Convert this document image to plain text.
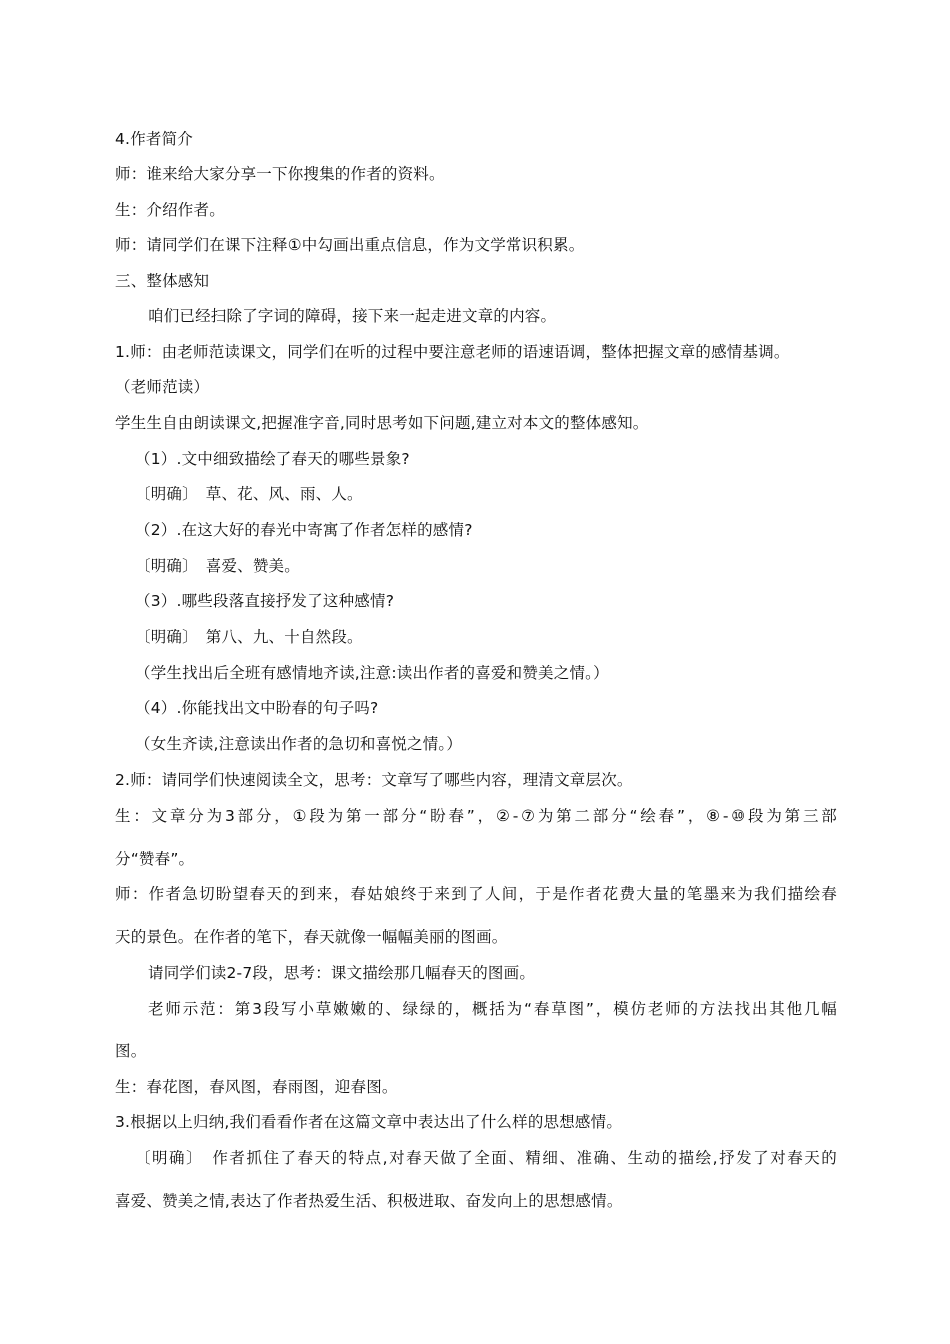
4.作者简介
师：谁来给大家分享一下你搜集的作者的资料。
生：介绍作者。
师：请同学们在课下注释①中勾画出重点信息，作为文学常识积累。
三、整体感知
咱们已经扫除了字词的障碍，接下来一起走进文章的内容。
1.师：由老师范读课文，同学们在听的过程中要注意老师的语速语调，整体把握文章的感情基调。
（老师范读）
学生生自由朗读课文,把握准字音,同时思考如下问题,建立对本文的整体感知。
（1）.文中细致描绘了春天的哪些景象?
〔明确〕　草、花、风、雨、人。
（2）.在这大好的春光中寄寓了作者怎样的感情?
〔明确〕　喜爱、赞美。
（3）.哪些段落直接抒发了这种感情?
〔明确〕　第八、九、十自然段。
（学生找出后全班有感情地齐读,注意:读出作者的喜爱和赞美之情。）
（4）.你能找出文中盼春的句子吗?
（女生齐读,注意读出作者的急切和喜悦之情。）
2.师：请同学们快速阅读全文，思考：文章写了哪些内容，理清文章层次。
生：文章分为3部分，①段为第一部分“盼春”，②-⑦为第二部分“绘春”，⑧-⑩段为第三部
分“赞春”。
师：作者急切盼望春天的到来，春姑娘终于来到了人间，于是作者花费大量的笔墨来为我们描绘春
天的景色。在作者的笔下，春天就像一幅幅美丽的图画。
请同学们读2-7段，思考：课文描绘那几幅春天的图画。
老师示范：第3段写小草嫩嫩的、绿绿的，概括为“春草图”，模仿老师的方法找出其他几幅
图。
生：春花图，春风图，春雨图，迎春图。
3.根据以上归纳,我们看看作者在这篇文章中表达出了什么样的思想感情。
〔明确〕　作者抓住了春天的特点,对春天做了全面、精细、准确、生动的描绘,抒发了对春天的
喜爱、赞美之情,表达了作者热爱生活、积极进取、奋发向上的思想感情。
